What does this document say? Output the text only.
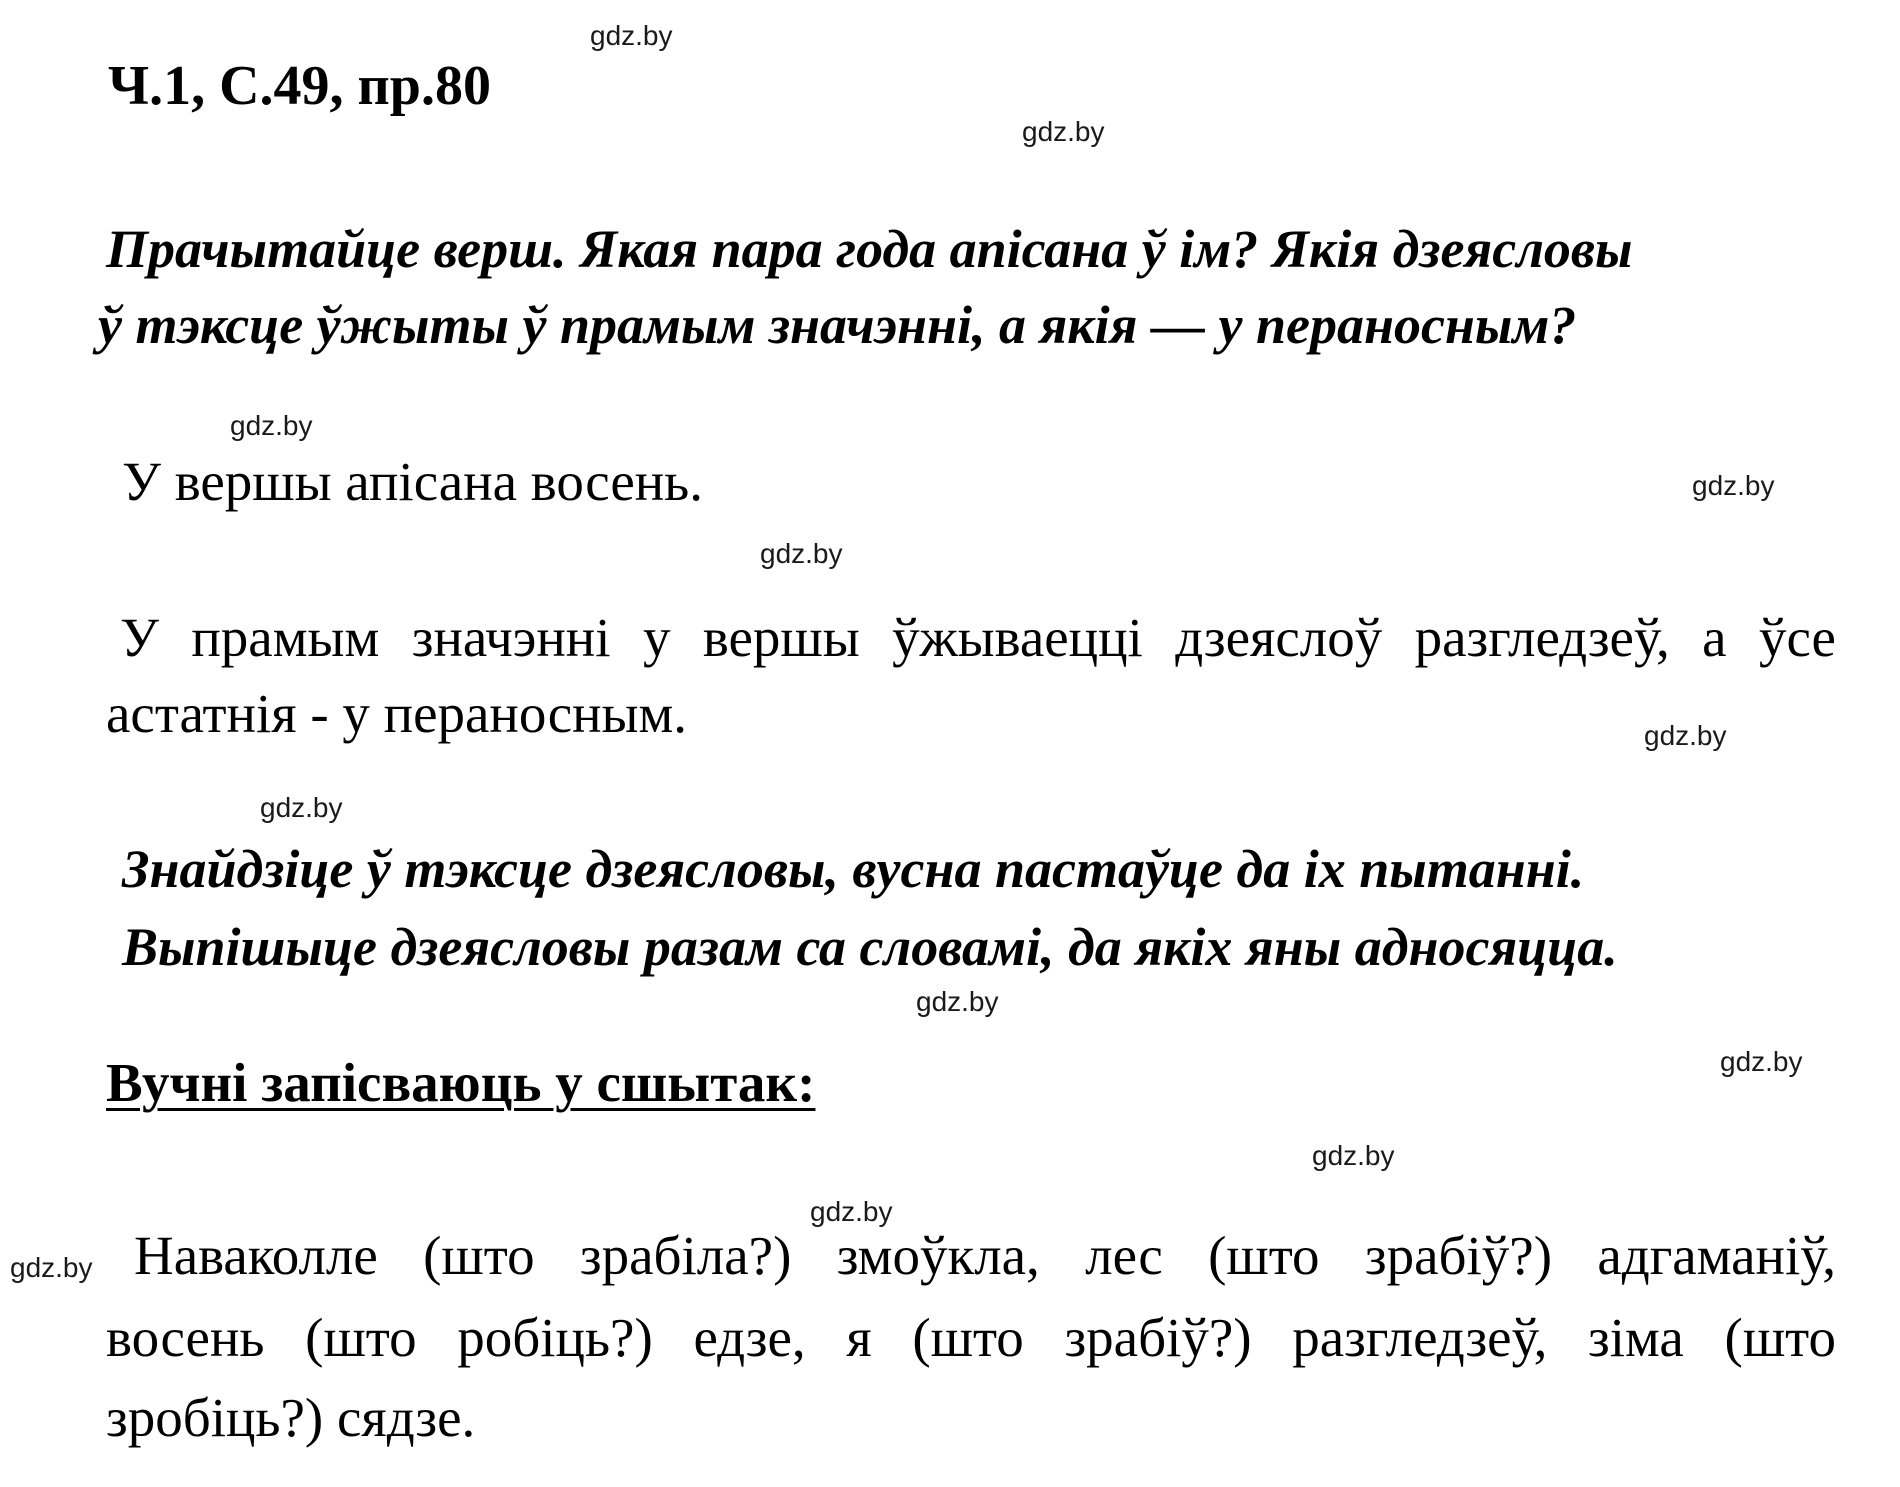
gdz.by
gdz.by
gdz.by
gdz.by
gdz.by
gdz.by
gdz.by
gdz.by
gdz.by
gdz.by
gdz.by
gdz.by
Ч.1, С.49, пр.80
Прачытайце верш. Якая пара года апісана ў ім? Якія дзеясловы
ў тэксце ўжыты ў прамым значэнні, а якія — у пераносным?
У вершы апісана восень.
У прамым значэнні у вершы ўжываецці дзеяслоў разгледзеў, а ўсе
астатнія - у пераносным.
Знайдзіце ў тэксце дзеясловы, вусна пастаўце да іх пытанні.
Выпішыце дзеясловы разам са словамі, да якіх яны адносяцца.
Вучні запісваюць у сшытак:
Наваколле (што зрабіла?) змоўкла, лес (што зрабіў?) адгаманіў,
восень (што робіць?) едзе, я (што зрабіў?) разгледзеў, зіма (што
зробіць?) сядзе.
